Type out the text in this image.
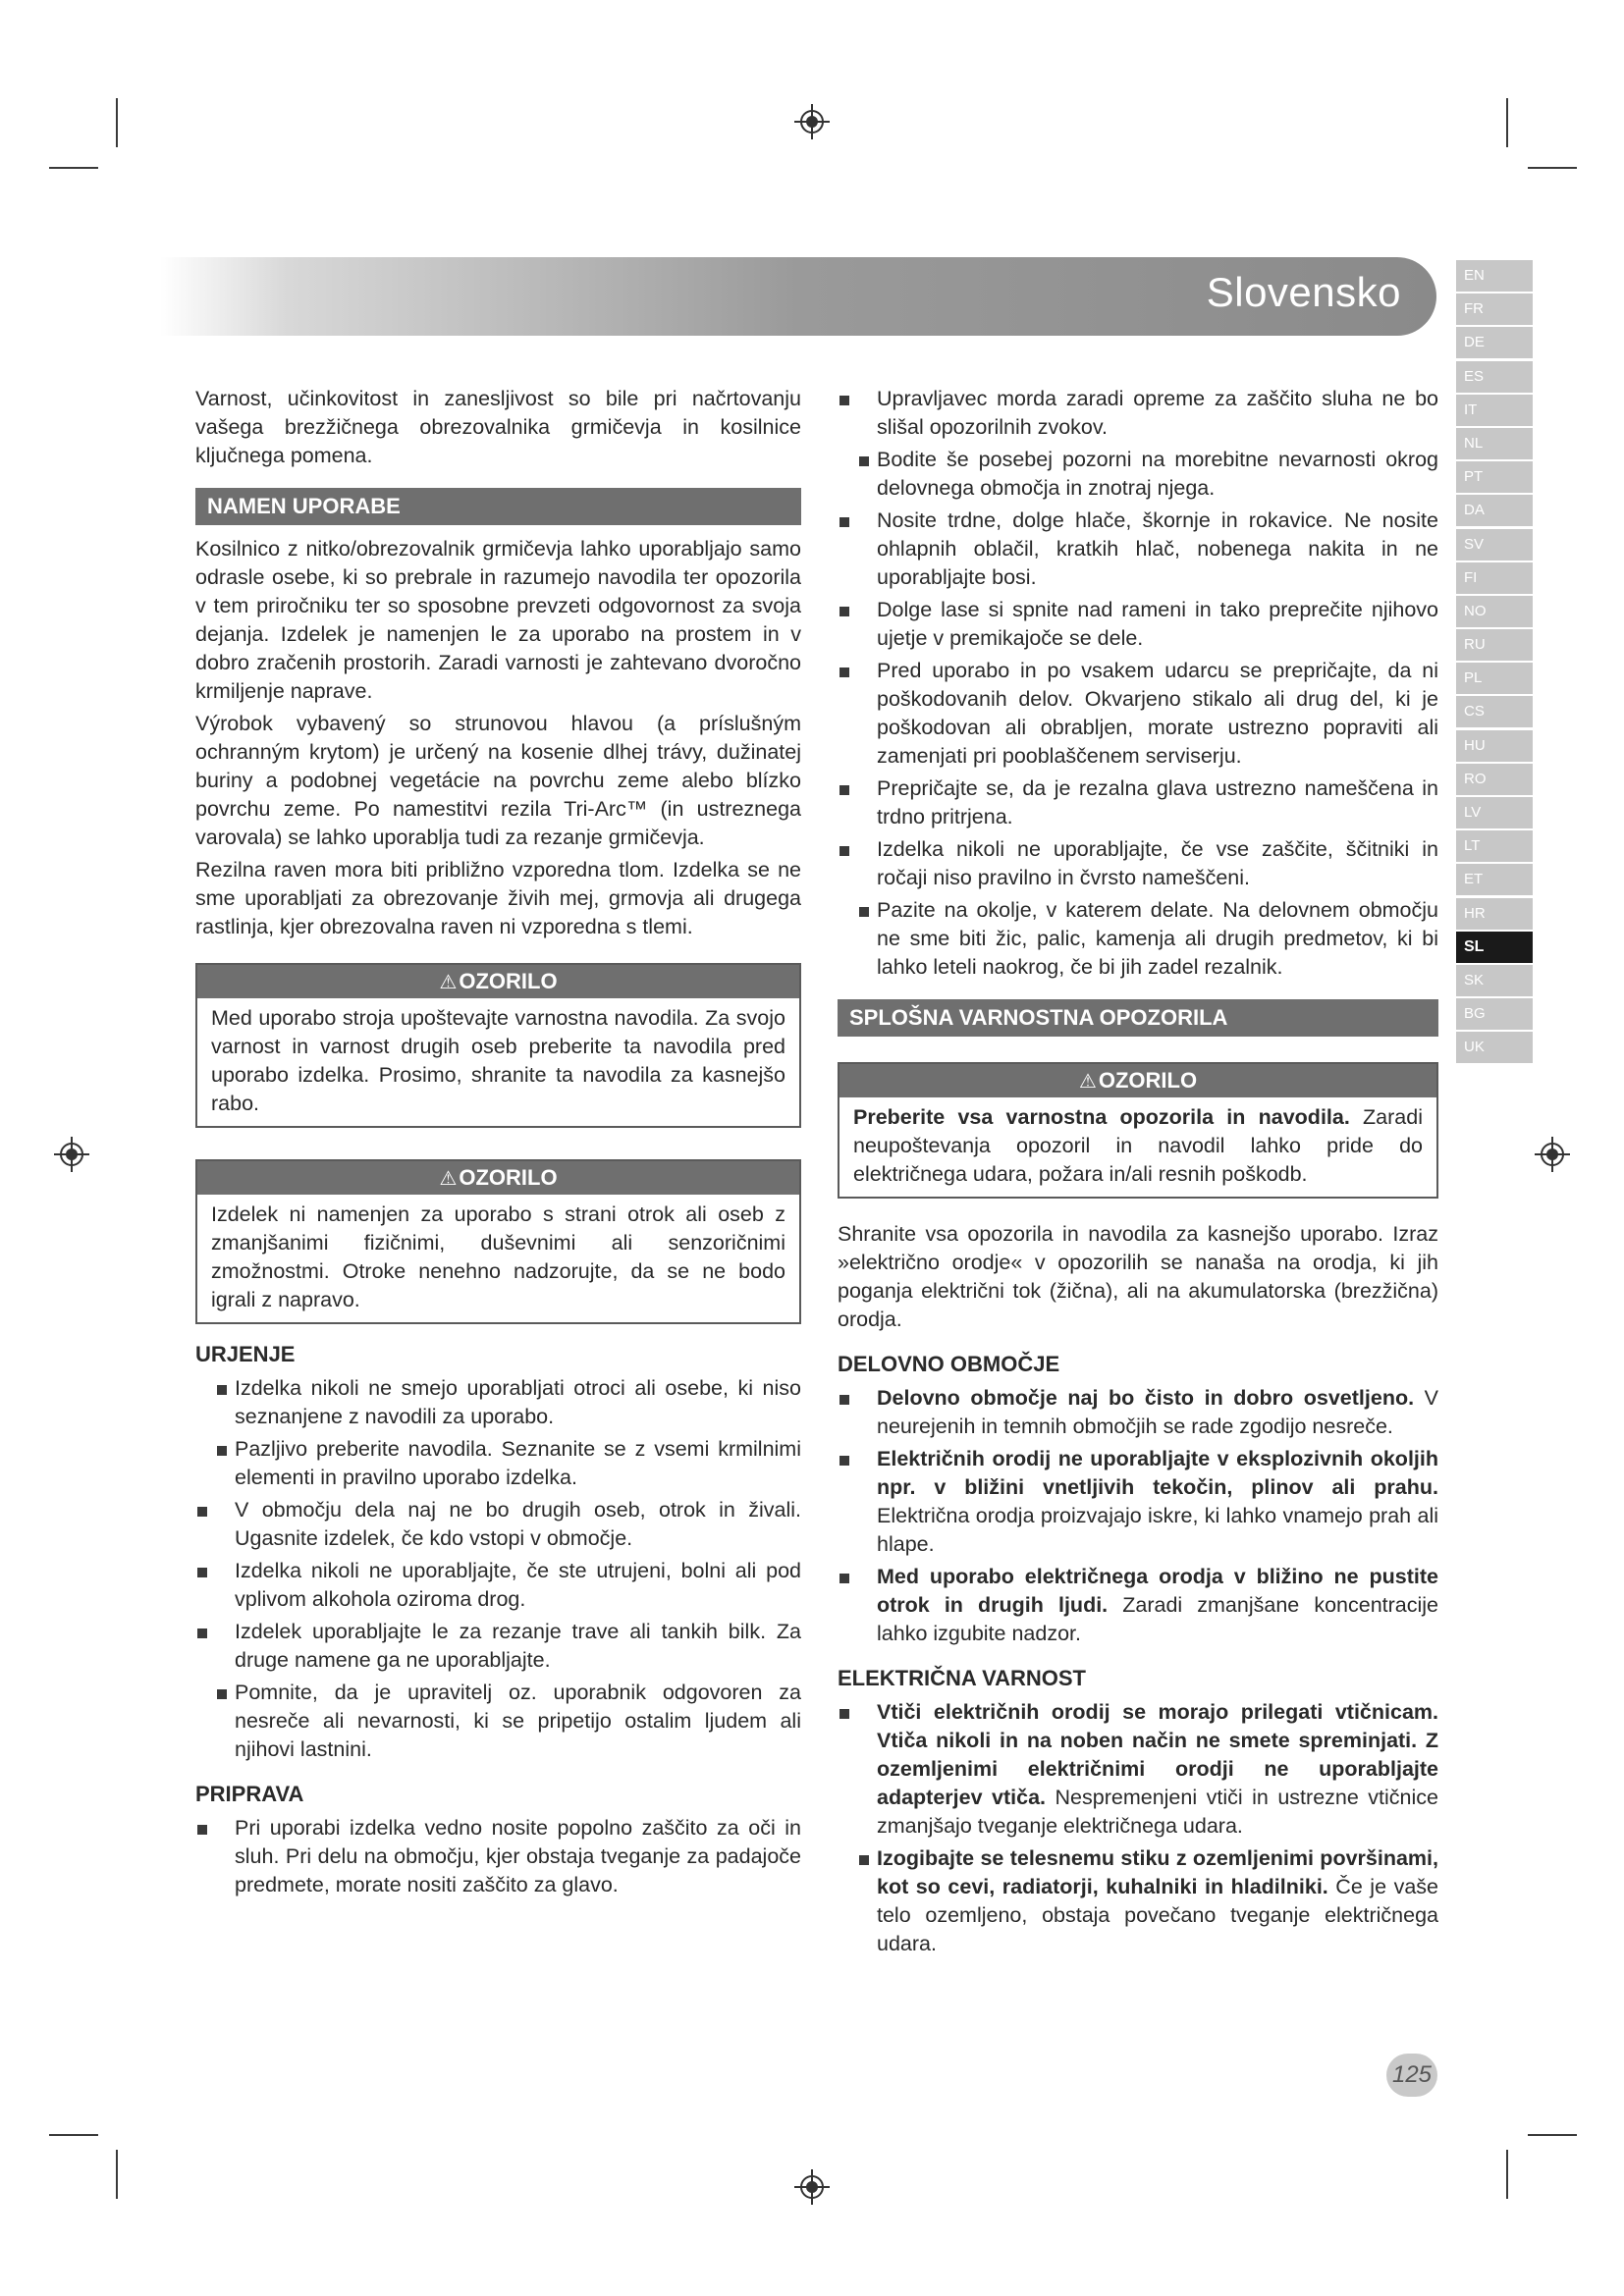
Slovensko	EN
FR
DE
ES
IT
NL
PT
DA
SV
FI
NO
RU
PL
CS
HU
RO
LV
LT
ET
HR
SL
SK
BG
UK

Varnost, učinkovitost in zanesljivost so bile pri načrtovanju vašega brezžičnega obrezovalnika grmičevja in kosilnice ključnega pomena.

NAMEN UPORABE

Kosilnico z nitko/obrezovalnik grmičevja lahko uporabljajo samo odrasle osebe, ki so prebrale in razumejo navodila ter opozorila v tem priročniku ter so sposobne prevzeti odgovornost za svoja dejanja. Izdelek je namenjen le za uporabo na prostem in v dobro zračenih prostorih. Zaradi varnosti je zahtevano dvoročno krmiljenje naprave.

Výrobok vybavený so strunovou hlavou (a príslušným ochranným krytom) je určený na kosenie dlhej trávy, dužinatej buriny a podobnej vegetácie na povrchu zeme alebo blízko povrchu zeme. Po namestitvi rezila Tri-Arc™ (in ustreznega varovala) se lahko uporablja tudi za rezanje grmičevja.

Rezilna raven mora biti približno vzporedna tlom. Izdelka se ne sme uporabljati za obrezovanje živih mej, grmovja ali drugega rastlinja, kjer obrezovalna raven ni vzporedna s tlemi.

⚠OZORILO
Med uporabo stroja upoštevajte varnostna navodila. Za svojo varnost in varnost drugih oseb preberite ta navodila pred uporabo izdelka. Prosimo, shranite ta navodila za kasnejšo rabo.
⚠OZORILO
Izdelek ni namenjen za uporabo s strani otrok ali oseb z zmanjšanimi fizičnimi, duševnimi ali senzoričnimi zmožnostmi. Otroke nenehno nadzorujte, da se ne bodo igrali z napravo.
URJENJE
Izdelka nikoli ne smejo uporabljati otroci ali osebe, ki niso seznanjene z navodili za uporabo.
Pazljivo preberite navodila. Seznanite se z vsemi krmilnimi elementi in pravilno uporabo izdelka.
V območju dela naj ne bo drugih oseb, otrok in živali. Ugasnite izdelek, če kdo vstopi v območje.
Izdelka nikoli ne uporabljajte, če ste utrujeni, bolni ali pod vplivom alkohola oziroma drog.
Izdelek uporabljajte le za rezanje trave ali tankih bilk. Za druge namene ga ne uporabljajte.
Pomnite, da je upravitelj oz. uporabnik odgovoren za nesreče ali nevarnosti, ki se pripetijo ostalim ljudem ali njihovi lastnini.
PRIPRAVA
Pri uporabi izdelka vedno nosite popolno zaščito za oči in sluh. Pri delu na območju, kjer obstaja tveganje za padajoče predmete, morate nositi zaščito za glavo.
Upravljavec morda zaradi opreme za zaščito sluha ne bo slišal opozorilnih zvokov.
Bodite še posebej pozorni na morebitne nevarnosti okrog delovnega območja in znotraj njega.
Nosite trdne, dolge hlače, škornje in rokavice. Ne nosite ohlapnih oblačil, kratkih hlač, nobenega nakita in ne uporabljajte bosi.
Dolge lase si spnite nad rameni in tako preprečite njihovo ujetje v premikajoče se dele.
Pred uporabo in po vsakem udarcu se prepričajte, da ni poškodovanih delov. Okvarjeno stikalo ali drug del, ki je poškodovan ali obrabljen, morate ustrezno popraviti ali zamenjati pri pooblaščenem serviserju.
Prepričajte se, da je rezalna glava ustrezno nameščena in trdno pritrjena.
Izdelka nikoli ne uporabljajte, če vse zaščite, ščitniki in ročaji niso pravilno in čvrsto nameščeni.
Pazite na okolje, v katerem delate. Na delovnem območju ne sme biti žic, palic, kamenja ali drugih predmetov, ki bi lahko leteli naokrog, če bi jih zadel rezalnik.
SPLOŠNA VARNOSTNA OPOZORILA
⚠OZORILO
Preberite vsa varnostna opozorila in navodila. Zaradi neupoštevanja opozoril in navodil lahko pride do električnega udara, požara in/ali resnih poškodb.

Shranite vsa opozorila in navodila za kasnejšo uporabo. Izraz »električno orodje« v opozorilih se nanaša na orodja, ki jih poganja električni tok (žična), ali na akumulatorska (brezžična) orodja.

DELOVNO OBMOČJE
Delovno območje naj bo čisto in dobro osvetljeno. V neurejenih in temnih območjih se rade zgodijo nesreče.
Električnih orodij ne uporabljajte v eksplozivnih okoljih npr. v bližini vnetljivih tekočin, plinov ali prahu. Električna orodja proizvajajo iskre, ki lahko vnamejo prah ali hlape.
Med uporabo električnega orodja v bližino ne pustite otrok in drugih ljudi. Zaradi zmanjšane koncentracije lahko izgubite nadzor.
ELEKTRIČNA VARNOST
Vtiči električnih orodij se morajo prilegati vtičnicam. Vtiča nikoli in na noben način ne smete spreminjati. Z ozemljenimi električnimi orodji ne uporabljajte adapterjev vtiča. Nespremenjeni vtiči in ustrezne vtičnice zmanjšajo tveganje električnega udara.
Izogibajte se telesnemu stiku z ozemljenimi površinami, kot so cevi, radiatorji, kuhalniki in hladilniki. Če je vaše telo ozemljeno, obstaja povečano tveganje električnega udara.
125
